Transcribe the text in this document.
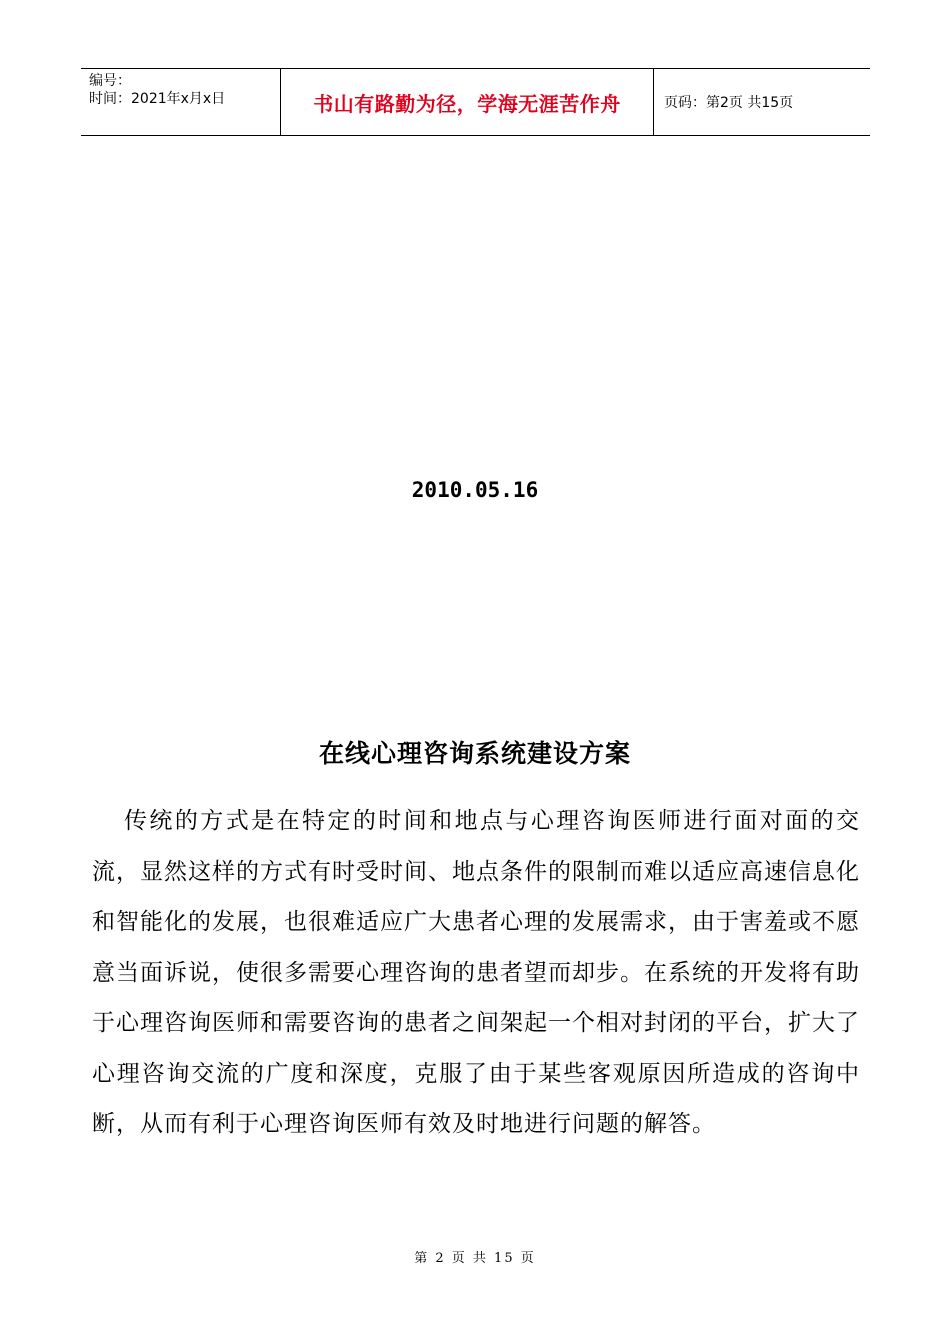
编号：
时间：2021年x月x日	书山有路勤为径，学海无涯苦作舟	页码：第2页 共15页
2010.05.16
在线心理咨询系统建设方案
传统的方式是在特定的时间和地点与心理咨询医师进行面对面的交流，显然这样的方式有时受时间、地点条件的限制而难以适应高速信息化和智能化的发展，也很难适应广大患者心理的发展需求，由于害羞或不愿意当面诉说，使很多需要心理咨询的患者望而却步。在系统的开发将有助于心理咨询医师和需要咨询的患者之间架起一个相对封闭的平台，扩大了心理咨询交流的广度和深度，克服了由于某些客观原因所造成的咨询中断，从而有利于心理咨询医师有效及时地进行问题的解答。
第 2 页 共 15 页
